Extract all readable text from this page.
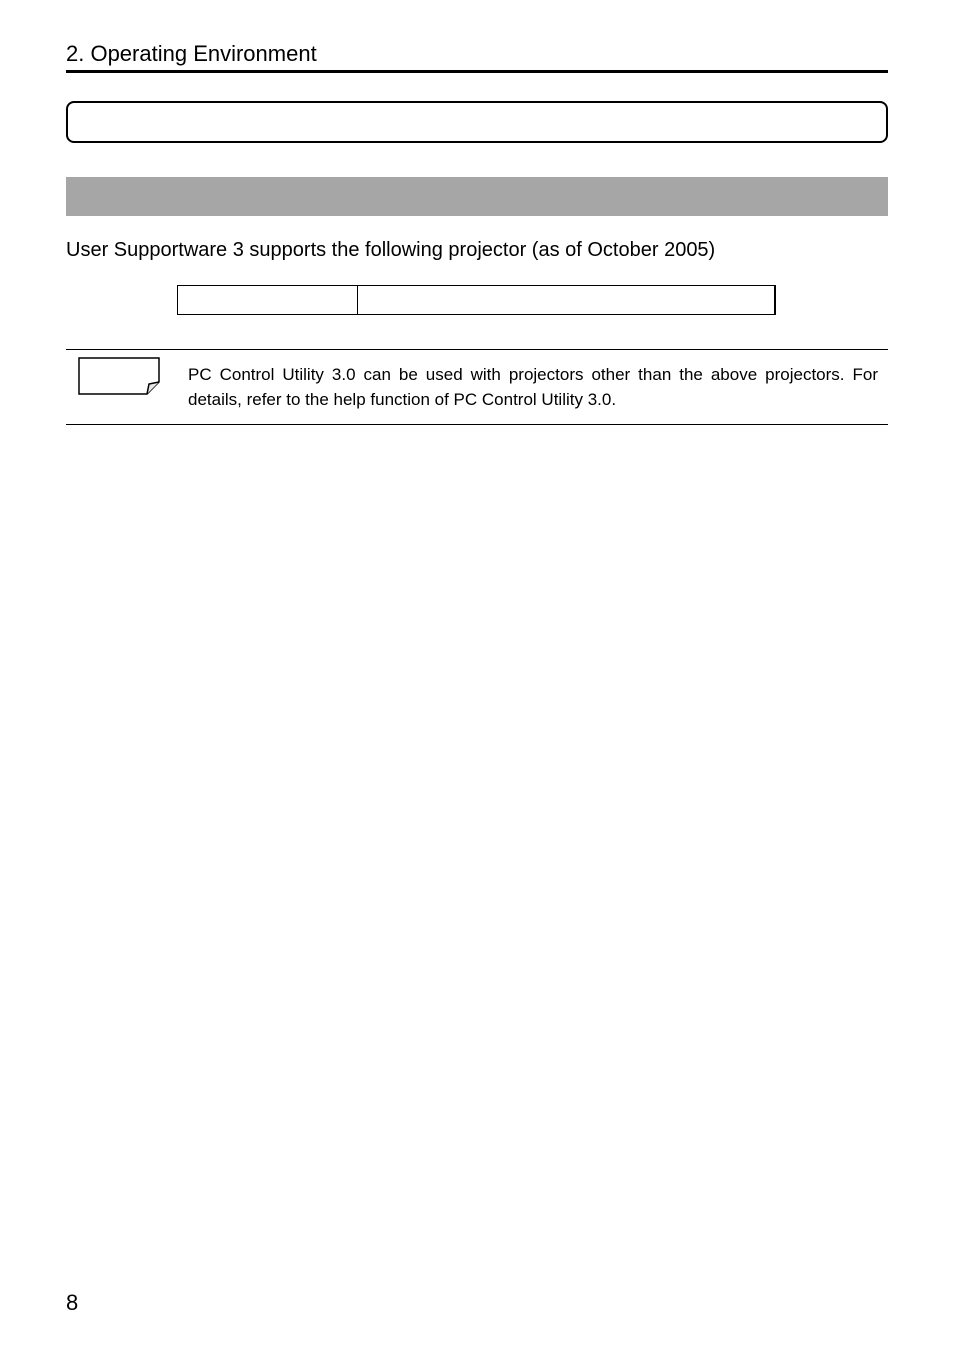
2. Operating Environment
User Supportware 3 supports the following projector (as of October 2005)

PC Control Utility 3.0 can be used with projectors other than the above projectors. For details, refer to the help function of PC Control Utility 3.0.
8
